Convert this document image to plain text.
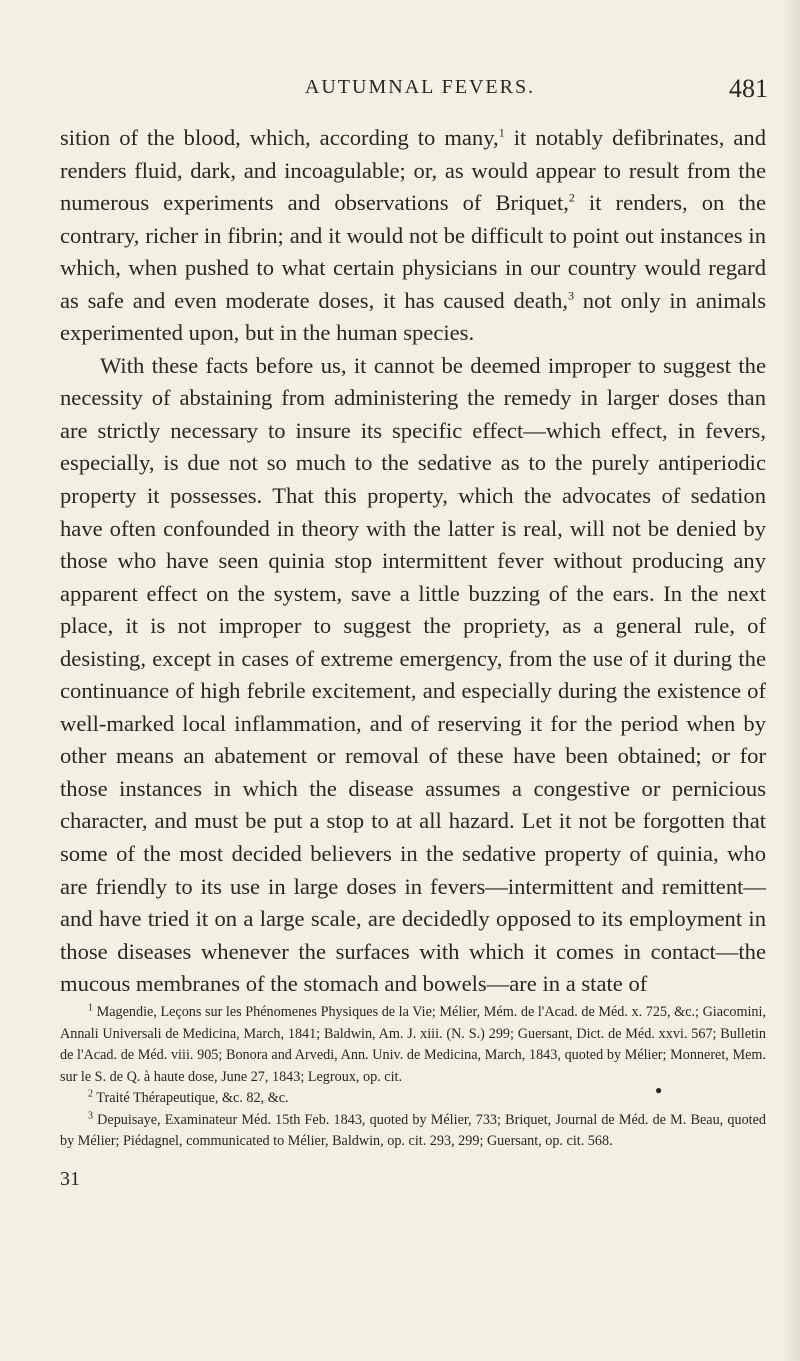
AUTUMNAL FEVERS.	481

sition of the blood, which, according to many,$^1$ it notably defibrinates, and renders fluid, dark, and incoagulable; or, as would appear to result from the numerous experiments and observations of Briquet,$^2$ it renders, on the contrary, richer in fibrin; and it would not be difficult to point out instances in which, when pushed to what certain physicians in our country would regard as safe and even moderate doses, it has caused death,$^3$ not only in animals experimented upon, but in the human species.

With these facts before us, it cannot be deemed improper to suggest the necessity of abstaining from administering the remedy in larger doses than are strictly necessary to insure its specific effect—which effect, in fevers, especially, is due not so much to the sedative as to the purely antiperiodic property it possesses. That this property, which the advocates of sedation have often confounded in theory with the latter is real, will not be denied by those who have seen quinia stop intermittent fever without producing any apparent effect on the system, save a little buzzing of the ears. In the next place, it is not improper to suggest the propriety, as a general rule, of desisting, except in cases of extreme emergency, from the use of it during the continuance of high febrile excitement, and especially during the existence of well-marked local inflammation, and of reserving it for the period when by other means an abatement or removal of these have been obtained; or for those instances in which the disease assumes a congestive or pernicious character, and must be put a stop to at all hazard. Let it not be forgotten that some of the most decided believers in the sedative property of quinia, who are friendly to its use in large doses in fevers—intermittent and remittent—and have tried it on a large scale, are decidedly opposed to its employment in those diseases whenever the surfaces with which it comes in contact—the mucous membranes of the stomach and bowels—are in a state of

$^1$ Magendie, Leçons sur les Phénomenes Physiques de la Vie; Mélier, Mém. de l'Acad. de Méd. x. 725, &c.; Giacomini, Annali Universali de Medicina, March, 1841; Baldwin, Am. J. xiii. (N. S.) 299; Guersant, Dict. de Méd. xxvi. 567; Bulletin de l'Acad. de Méd. viii. 905; Bonora and Arvedi, Ann. Univ. de Medicina, March, 1843, quoted by Mélier; Monneret, Mem. sur le S. de Q. à haute dose, June 27, 1843; Legroux, op. cit.

$^2$ Traité Thérapeutique, &c. 82, &c.

$^3$ Depuisaye, Examinateur Méd. 15th Feb. 1843, quoted by Mélier, 733; Briquet, Journal de Méd. de M. Beau, quoted by Mélier; Piédagnel, communicated to Mélier, Baldwin, op. cit. 293, 299; Guersant, op. cit. 568.

●
31
